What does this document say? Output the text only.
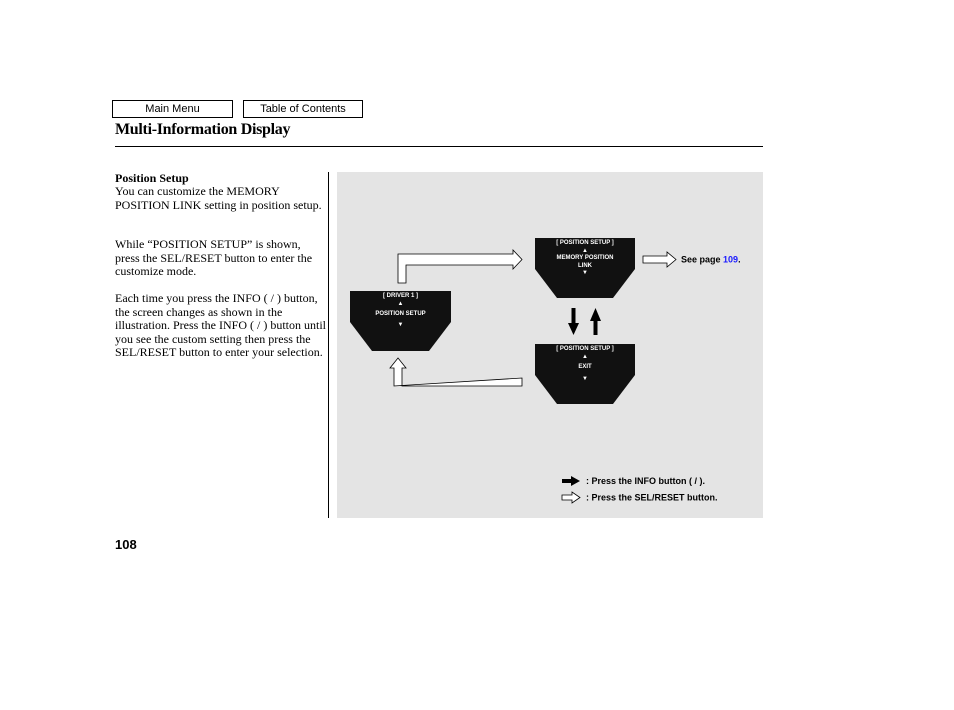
Main Menu	Table of Contents
Multi-Information Display
Position Setup
You can customize the MEMORY POSITION LINK setting in position setup.
While “POSITION SETUP” is shown, press the SEL/RESET button to enter the customize mode.
Each time you press the INFO ( / ) button, the screen changes as shown in the illustration. Press the INFO ( / ) button until you see the custom setting then press the SEL/RESET button to enter your selection.
[ DRIVER 1 ]
▲
POSITION SETUP
▼
[ POSITION SETUP ]
▲
MEMORY POSITION
LINK
▼
[ POSITION SETUP ]
▲
EXIT
▼
See page 109.
: Press the INFO button ( / ).
: Press the SEL/RESET button.
108
